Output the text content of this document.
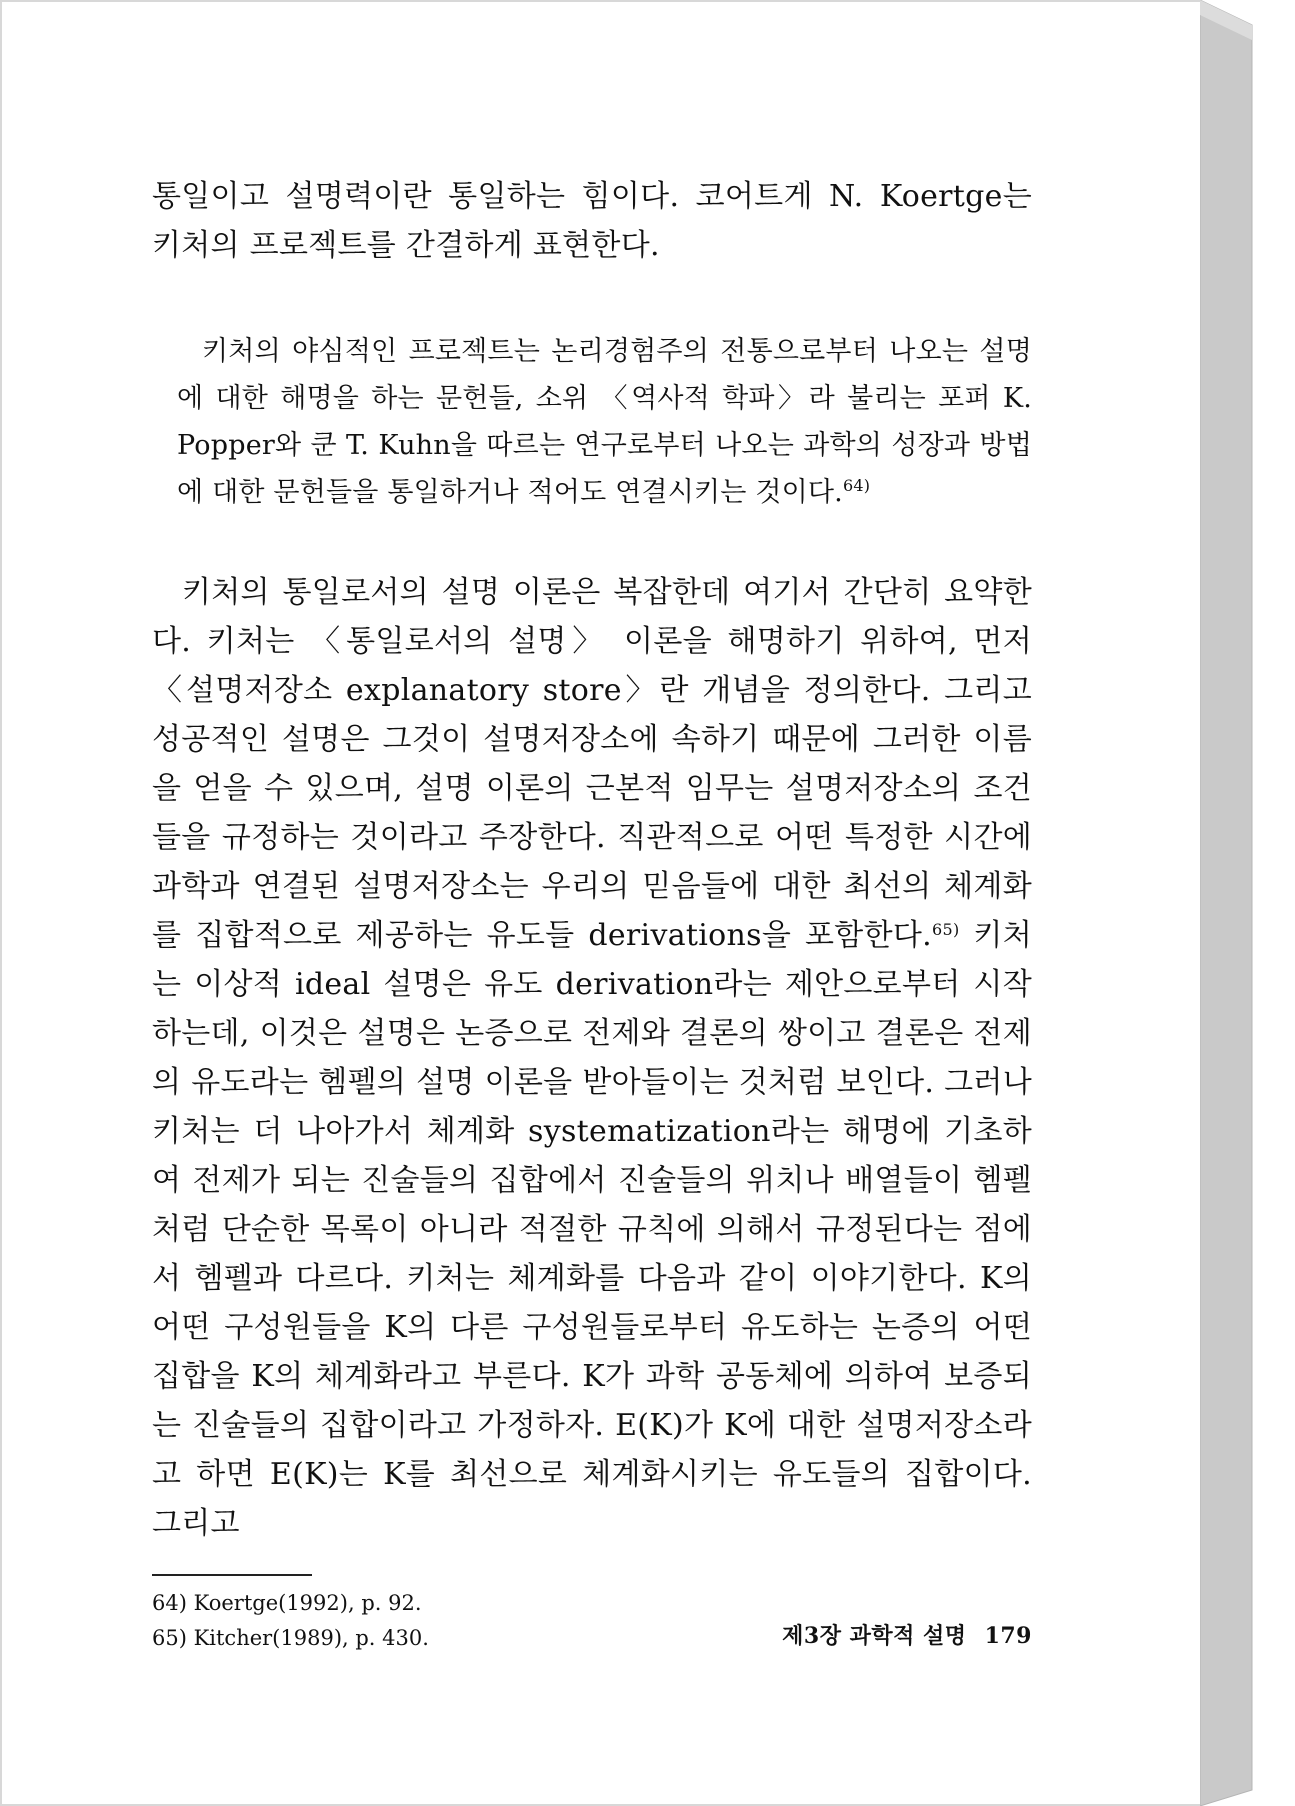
통일이고 설명력이란 통일하는 힘이다. 코어트게 N. Koertge는 키처의 프로젝트를 간결하게 표현한다.

키처의 야심적인 프로젝트는 논리경험주의 전통으로부터 나오는 설명에 대한 해명을 하는 문헌들, 소위 〈역사적 학파〉라 불리는 포퍼 K. Popper와 쿤 T. Kuhn을 따르는 연구로부터 나오는 과학의 성장과 방법에 대한 문헌들을 통일하거나 적어도 연결시키는 것이다.$^{64)}$

키처의 통일로서의 설명 이론은 복잡한데 여기서 간단히 요약한다. 키처는 〈통일로서의 설명〉 이론을 해명하기 위하여, 먼저 〈설명저장소 explanatory store〉란 개념을 정의한다. 그리고 성공적인 설명은 그것이 설명저장소에 속하기 때문에 그러한 이름을 얻을 수 있으며, 설명 이론의 근본적 임무는 설명저장소의 조건들을 규정하는 것이라고 주장한다. 직관적으로 어떤 특정한 시간에 과학과 연결된 설명저장소는 우리의 믿음들에 대한 최선의 체계화를 집합적으로 제공하는 유도들 derivations을 포함한다.$^{65)}$ 키처는 이상적 ideal 설명은 유도 derivation라는 제안으로부터 시작하는데, 이것은 설명은 논증으로 전제와 결론의 쌍이고 결론은 전제의 유도라는 헴펠의 설명 이론을 받아들이는 것처럼 보인다. 그러나 키처는 더 나아가서 체계화 systematization라는 해명에 기초하여 전제가 되는 진술들의 집합에서 진술들의 위치나 배열들이 헴펠처럼 단순한 목록이 아니라 적절한 규칙에 의해서 규정된다는 점에서 헴펠과 다르다. 키처는 체계화를 다음과 같이 이야기한다. K의 어떤 구성원들을 K의 다른 구성원들로부터 유도하는 논증의 어떤 집합을 K의 체계화라고 부른다. K가 과학 공동체에 의하여 보증되는 진술들의 집합이라고 가정하자. E(K)가 K에 대한 설명저장소라고 하면 E(K)는 K를 최선으로 체계화시키는 유도들의 집합이다. 그리고

64) Koertge(1992), p. 92.
65) Kitcher(1989), p. 430.	제3장 과학적 설명 179
